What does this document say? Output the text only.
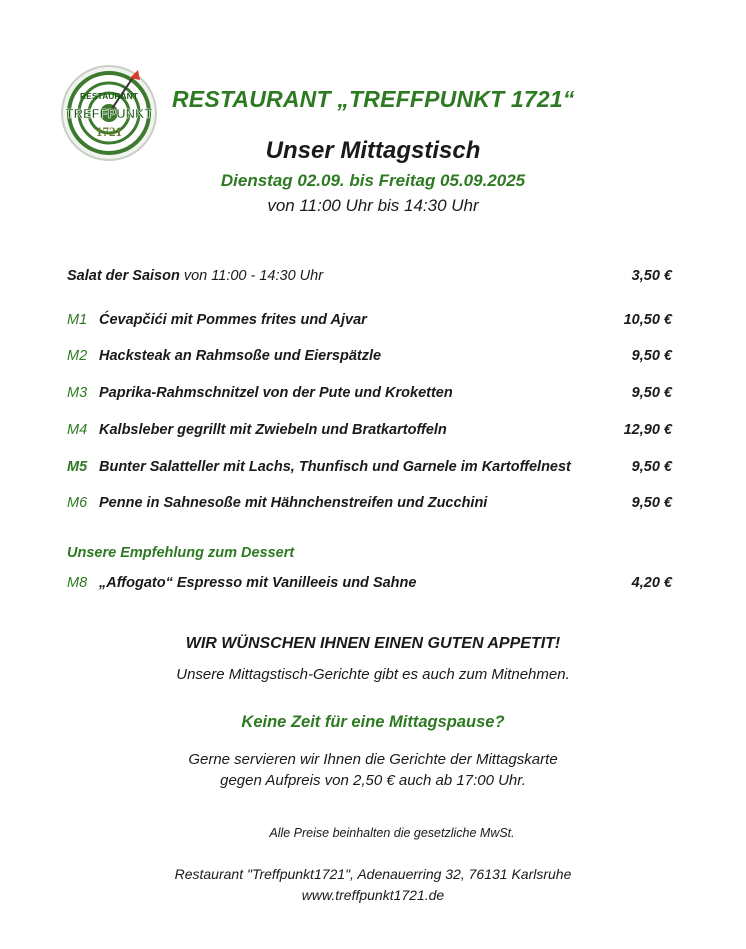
RESTAURANT
TREFFPUNKT
1721
RESTAURANT „TREFFPUNKT 1721“
Unser Mittagstisch
Dienstag 02.09. bis Freitag 05.09.2025
von 11:00 Uhr bis 14:30 Uhr
Salat der Saison von 11:00 - 14:30 Uhr	3,50 €
M1 Ćevapčići mit Pommes frites und Ajvar	10,50 €
M2 Hacksteak an Rahmsoße und Eierspätzle	9,50 €
M3 Paprika-Rahmschnitzel von der Pute und Kroketten	9,50 €
M4 Kalbsleber gegrillt mit Zwiebeln und Bratkartoffeln	12,90 €
M5 Bunter Salatteller mit Lachs, Thunfisch und Garnele im Kartoffelnest	9,50 €
M6 Penne in Sahnesoße mit Hähnchenstreifen und Zucchini	9,50 €
Unsere Empfehlung zum Dessert
M8 „Affogato“ Espresso mit Vanilleeis und Sahne	4,20 €
WIR WÜNSCHEN IHNEN EINEN GUTEN APPETIT!
Unsere Mittagstisch-Gerichte gibt es auch zum Mitnehmen.
Keine Zeit für eine Mittagspause?
Gerne servieren wir Ihnen die Gerichte der Mittagskarte
gegen Aufpreis von 2,50 € auch ab 17:00 Uhr.
Alle Preise beinhalten die gesetzliche MwSt.
Restaurant "Treffpunkt1721", Adenauerring 32, 76131 Karlsruhe
www.treffpunkt1721.de
